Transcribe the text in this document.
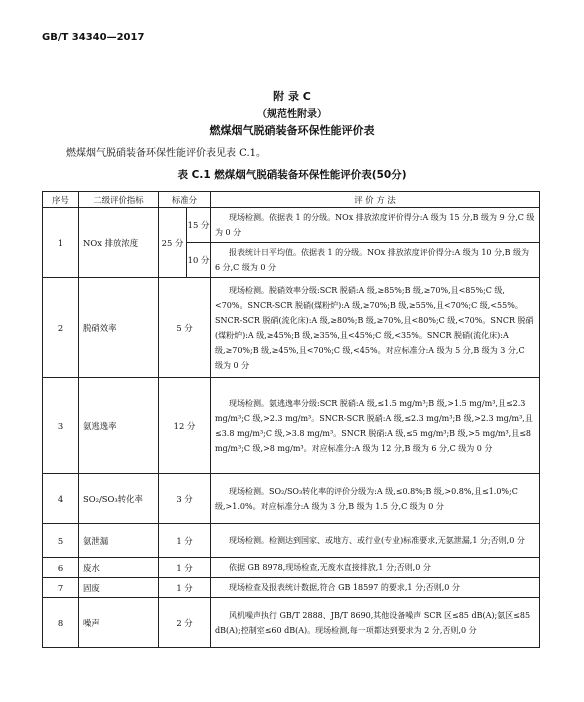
GB/T 34340—2017
附 录 C
（规范性附录）
燃煤烟气脱硝装备环保性能评价表
燃煤烟气脱硝装备环保性能评价表见表 C.1。
表 C.1 燃煤烟气脱硝装备环保性能评价表(50分)
序号	二级评价指标	标准分		评 价 方 法
1	NOx 排放浓度	25 分	15 分	现场检测。依据表 1 的分级。NOx 排放浓度评价得分:A 级为 15 分,B 级为 9 分,C 级为 0 分
			10 分	报表统计日平均值。依据表 1 的分级。NOx 排放浓度评价得分:A 级为 10 分,B 级为 6 分,C 级为 0 分
2	脱硝效率	5 分		现场检测。脱硝效率分级:SCR 脱硝:A 级,≥85%;B 级,≥70%,且<85%;C 级,<70%。SNCR-SCR 脱硝(煤粉炉):A 级,≥70%;B 级,≥55%,且<70%;C 级,<55%。SNCR-SCR 脱硝(流化床):A 级,≥80%;B 级,≥70%,且<80%;C 级,<70%。SNCR 脱硝(煤粉炉):A 级,≥45%;B 级,≥35%,且<45%;C 级,<35%。SNCR 脱硝(流化床):A 级,≥70%;B 级,≥45%,且<70%;C 级,<45%。对应标准分:A 级为 5 分,B 级为 3 分,C 级为 0 分
3	氨逃逸率	12 分		现场检测。氨逃逸率分级:SCR 脱硝:A 级,≤1.5 mg/m³;B 级,>1.5 mg/m³,且≤2.3 mg/m³;C 级,>2.3 mg/m³。SNCR-SCR 脱硝:A 级,≤2.3 mg/m³;B 级,>2.3 mg/m³,且≤3.8 mg/m³;C 级,>3.8 mg/m³。SNCR 脱硝:A 级,≤5 mg/m³;B 级,>5 mg/m³,且≤8 mg/m³;C 级,>8 mg/m³。对应标准分:A 级为 12 分,B 级为 6 分,C 级为 0 分
4	SO₂/SO₃转化率	3 分		现场检测。SO₂/SO₃转化率的评价分级为:A 级,≤0.8%;B 级,>0.8%,且≤1.0%;C 级,>1.0%。对应标准分:A 级为 3 分,B 级为 1.5 分,C 级为 0 分
5	氨泄漏	1 分		现场检测。检测达到国家、或地方、或行业(专业)标准要求,无氨泄漏,1 分;否则,0 分
6	废水	1 分		依据 GB 8978,现场检查,无废水直接排放,1 分;否则,0 分
7	固废	1 分		现场检查及报表统计数据,符合 GB 18597 的要求,1 分;否则,0 分
8	噪声	2 分		风机噪声执行 GB/T 2888、JB/T 8690,其他设备噪声 SCR 区≤85 dB(A);氨区≤85 dB(A);控制室≤60 dB(A)。现场检测,每一项都达到要求为 2 分,否则,0 分
